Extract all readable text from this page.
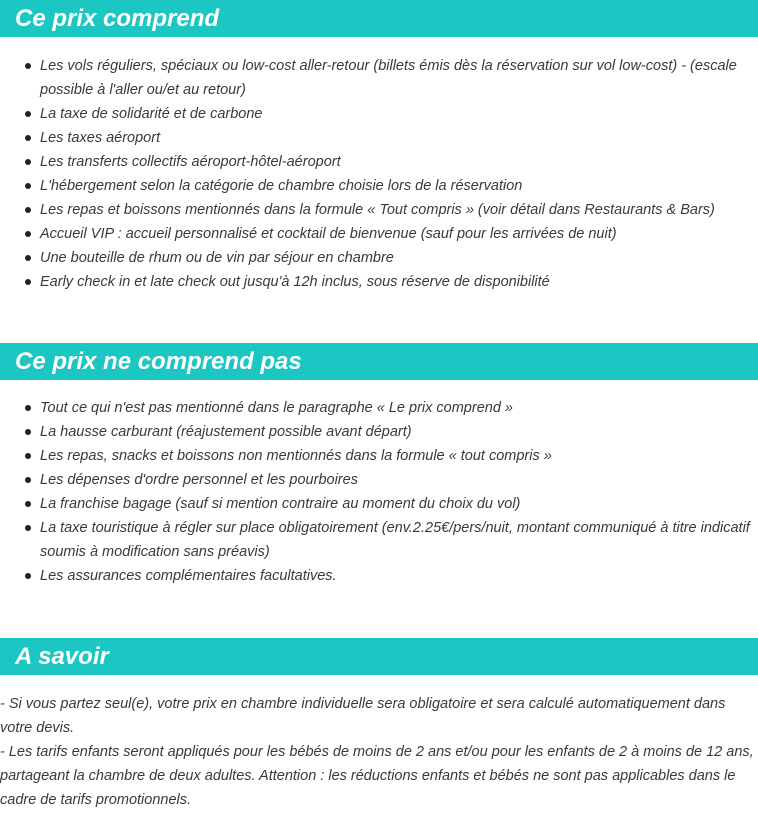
Ce prix comprend
Les vols réguliers, spéciaux ou low-cost aller-retour (billets émis dès la réservation sur vol low-cost) - (escale possible à l'aller ou/et au retour)
La taxe de solidarité et de carbone
Les taxes aéroport
Les transferts collectifs aéroport-hôtel-aéroport
L'hébergement selon la catégorie de chambre choisie lors de la réservation
Les repas et boissons mentionnés dans la formule « Tout compris » (voir détail dans Restaurants & Bars)
Accueil VIP : accueil personnalisé et cocktail de bienvenue (sauf pour les arrivées de nuit)
Une bouteille de rhum ou de vin par séjour en chambre
Early check in et late check out jusqu'à 12h inclus, sous réserve de disponibilité
Ce prix ne comprend pas
Tout ce qui n'est pas mentionné dans le paragraphe « Le prix comprend »
La hausse carburant (réajustement possible avant départ)
Les repas, snacks et boissons non mentionnés dans la formule « tout compris »
Les dépenses d'ordre personnel et les pourboires
La franchise bagage (sauf si mention contraire au moment du choix du vol)
La taxe touristique à régler sur place obligatoirement (env.2.25€/pers/nuit, montant communiqué à titre indicatif soumis à modification sans préavis)
Les assurances complémentaires facultatives.
A savoir

- Si vous partez seul(e), votre prix en chambre individuelle sera obligatoire et sera calculé automatiquement dans votre devis.

- Les tarifs enfants seront appliqués pour les bébés de moins de 2 ans et/ou pour les enfants de 2 à moins de 12 ans, partageant la chambre de deux adultes. Attention : les réductions enfants et bébés ne sont pas applicables dans le cadre de tarifs promotionnels.
